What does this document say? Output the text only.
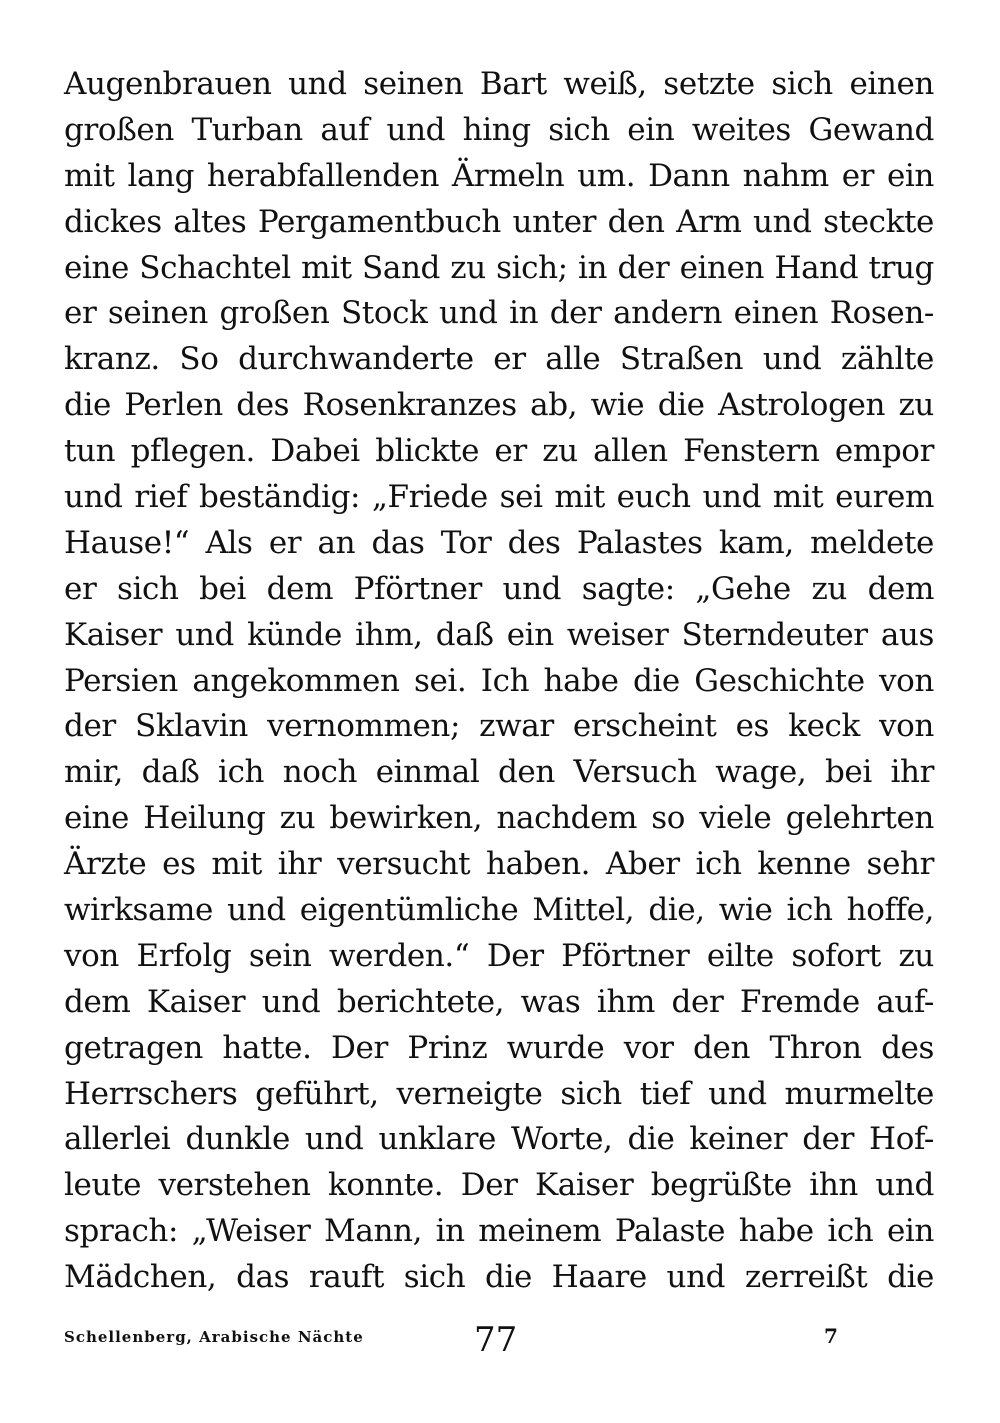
Augenbrauen und seinen Bart weiß, setzte sich einen
großen Turban auf und hing sich ein weites Gewand
mit lang herabfallenden Ärmeln um. Dann nahm er ein
dickes altes Pergamentbuch unter den Arm und steckte
eine Schachtel mit Sand zu sich; in der einen Hand trug
er seinen großen Stock und in der andern einen Rosen-
kranz. So durchwanderte er alle Straßen und zählte
die Perlen des Rosenkranzes ab, wie die Astrologen zu
tun pflegen. Dabei blickte er zu allen Fenstern empor
und rief beständig: „Friede sei mit euch und mit eurem
Hause!“ Als er an das Tor des Palastes kam, meldete
er sich bei dem Pförtner und sagte: „Gehe zu dem
Kaiser und künde ihm, daß ein weiser Sterndeuter aus
Persien angekommen sei. Ich habe die Geschichte von
der Sklavin vernommen; zwar erscheint es keck von
mir, daß ich noch einmal den Versuch wage, bei ihr
eine Heilung zu bewirken, nachdem so viele gelehrten
Ärzte es mit ihr versucht haben. Aber ich kenne sehr
wirksame und eigentümliche Mittel, die, wie ich hoffe,
von Erfolg sein werden.“ Der Pförtner eilte sofort zu
dem Kaiser und berichtete, was ihm der Fremde auf-
getragen hatte. Der Prinz wurde vor den Thron des
Herrschers geführt, verneigte sich tief und murmelte
allerlei dunkle und unklare Worte, die keiner der Hof-
leute verstehen konnte. Der Kaiser begrüßte ihn und
sprach: „Weiser Mann, in meinem Palaste habe ich ein
Mädchen, das rauft sich die Haare und zerreißt die
Schellenberg, Arabische Nächte	77	7
